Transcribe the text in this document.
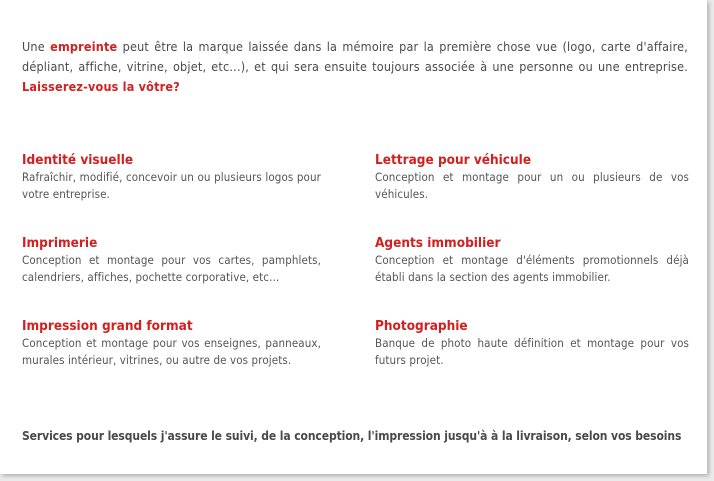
Une empreinte peut être la marque laissée dans la mémoire par la première chose vue (logo, carte d'affaire, dépliant, affiche, vitrine, objet, etc...), et qui sera ensuite toujours associée à une personne ou une entreprise. Laisserez-vous la vôtre?

Identité visuelle

Rafraîchir, modifié, concevoir un ou plusieurs logos pour votre entreprise.

Lettrage pour véhicule

Conception et montage pour un ou plusieurs de vos véhicules.

Imprimerie

Conception et montage pour vos cartes, pamphlets, calendriers, affiches, pochette corporative, etc...

Agents immobilier

Conception et montage d'éléments promotionnels déjà établi dans la section des agents immobilier.

Impression grand format

Conception et montage pour vos enseignes, panneaux, murales intérieur, vitrines, ou autre de vos projets.

Photographie

Banque de photo haute définition et montage pour vos futurs projet.

Services pour lesquels j'assure le suivi, de la conception, l'impression jusqu'à à la livraison, selon vos besoins
